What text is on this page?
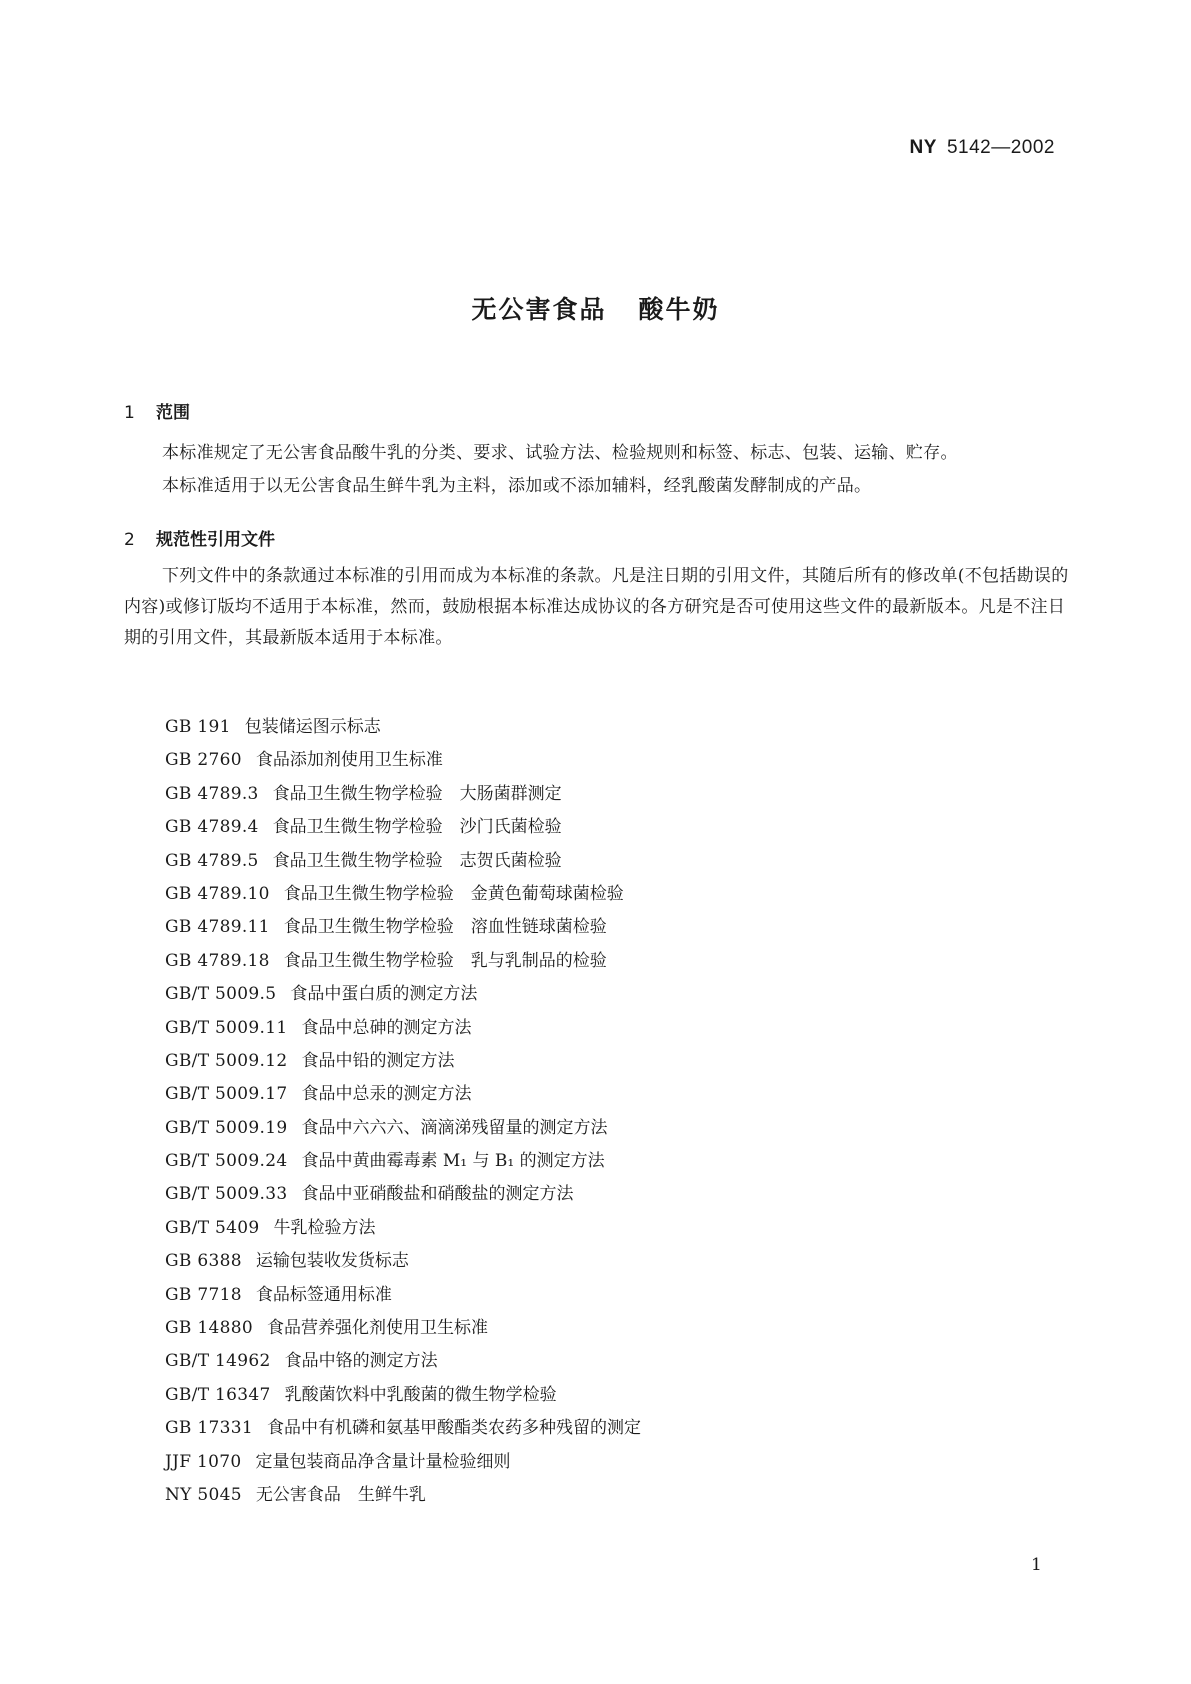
NY 5142—2002
无公害食品 酸牛奶
1 范围
本标准规定了无公害食品酸牛乳的分类、要求、试验方法、检验规则和标签、标志、包装、运输、贮存。
本标准适用于以无公害食品生鲜牛乳为主料，添加或不添加辅料，经乳酸菌发酵制成的产品。
2 规范性引用文件
下列文件中的条款通过本标准的引用而成为本标准的条款。凡是注日期的引用文件，其随后所有的修改单(不包括勘误的内容)或修订版均不适用于本标准，然而，鼓励根据本标准达成协议的各方研究是否可使用这些文件的最新版本。凡是不注日期的引用文件，其最新版本适用于本标准。
GB 191 包装储运图示标志
GB 2760 食品添加剂使用卫生标准
GB 4789.3 食品卫生微生物学检验　大肠菌群测定
GB 4789.4 食品卫生微生物学检验　沙门氏菌检验
GB 4789.5 食品卫生微生物学检验　志贺氏菌检验
GB 4789.10 食品卫生微生物学检验　金黄色葡萄球菌检验
GB 4789.11 食品卫生微生物学检验　溶血性链球菌检验
GB 4789.18 食品卫生微生物学检验　乳与乳制品的检验
GB/T 5009.5 食品中蛋白质的测定方法
GB/T 5009.11 食品中总砷的测定方法
GB/T 5009.12 食品中铅的测定方法
GB/T 5009.17 食品中总汞的测定方法
GB/T 5009.19 食品中六六六、滴滴涕残留量的测定方法
GB/T 5009.24 食品中黄曲霉毒素 M₁ 与 B₁ 的测定方法
GB/T 5009.33 食品中亚硝酸盐和硝酸盐的测定方法
GB/T 5409 牛乳检验方法
GB 6388 运输包装收发货标志
GB 7718 食品标签通用标准
GB 14880 食品营养强化剂使用卫生标准
GB/T 14962 食品中铬的测定方法
GB/T 16347 乳酸菌饮料中乳酸菌的微生物学检验
GB 17331 食品中有机磷和氨基甲酸酯类农药多种残留的测定
JJF 1070 定量包装商品净含量计量检验细则
NY 5045 无公害食品　生鲜牛乳
1
